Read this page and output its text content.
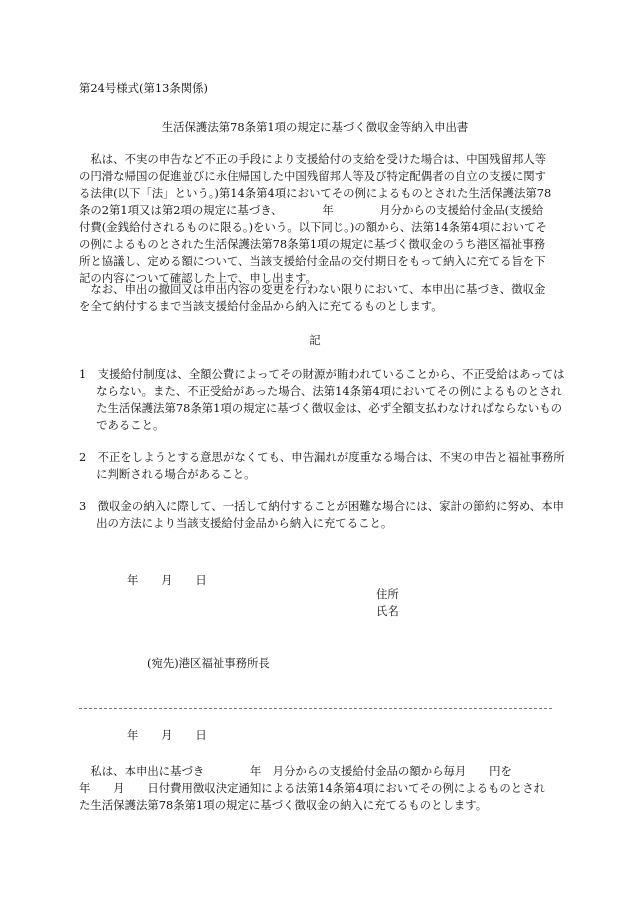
第24号様式(第13条関係)
生活保護法第78条第1項の規定に基づく徴収金等納入申出書
私は、不実の申告など不正の手段により支援給付の支給を受けた場合は、中国残留邦人等の円滑な帰国の促進並びに永住帰国した中国残留邦人等及び特定配偶者の自立の支援に関する法律(以下「法」という。)第14条第4項においてその例によるものとされた生活保護法第78条の2第1項又は第2項の規定に基づき、　　　　年　　　　月分からの支援給付金品(支援給付費(金銭給付されるものに限る。)をいう。以下同じ。)の額から、法第14条第4項においてその例によるものとされた生活保護法第78条第1項の規定に基づく徴収金のうち港区福祉事務所と協議し、定める額について、当該支援給付金品の交付期日をもって納入に充てる旨を下記の内容について確認した上で、申し出ます。
なお、申出の撤回又は申出内容の変更を行わない限りにおいて、本申出に基づき、徴収金を全て納付するまで当該支援給付金品から納入に充てるものとします。
記
1　支援給付制度は、全額公費によってその財源が賄われていることから、不正受給はあってはならない。また、不正受給があった場合、法第14条第4項においてその例によるものとされた生活保護法第78条第1項の規定に基づく徴収金は、必ず全額支払わなければならないものであること。
2　不正をしようとする意思がなくても、申告漏れが度重なる場合は、不実の申告と福祉事務所に判断される場合があること。
3　徴収金の納入に際して、一括して納付することが困難な場合には、家計の節約に努め、本申出の方法により当該支援給付金品から納入に充てること。
年　　月　　日
住所
氏名
(宛先)港区福祉事務所長
年　　月　　日
私は、本申出に基づき　　　　年　月分からの支援給付金品の額から毎月　　円を　　　年　　月　　日付費用徴収決定通知による法第14条第4項においてその例によるものとされた生活保護法第78条第1項の規定に基づく徴収金の納入に充てるものとします。
